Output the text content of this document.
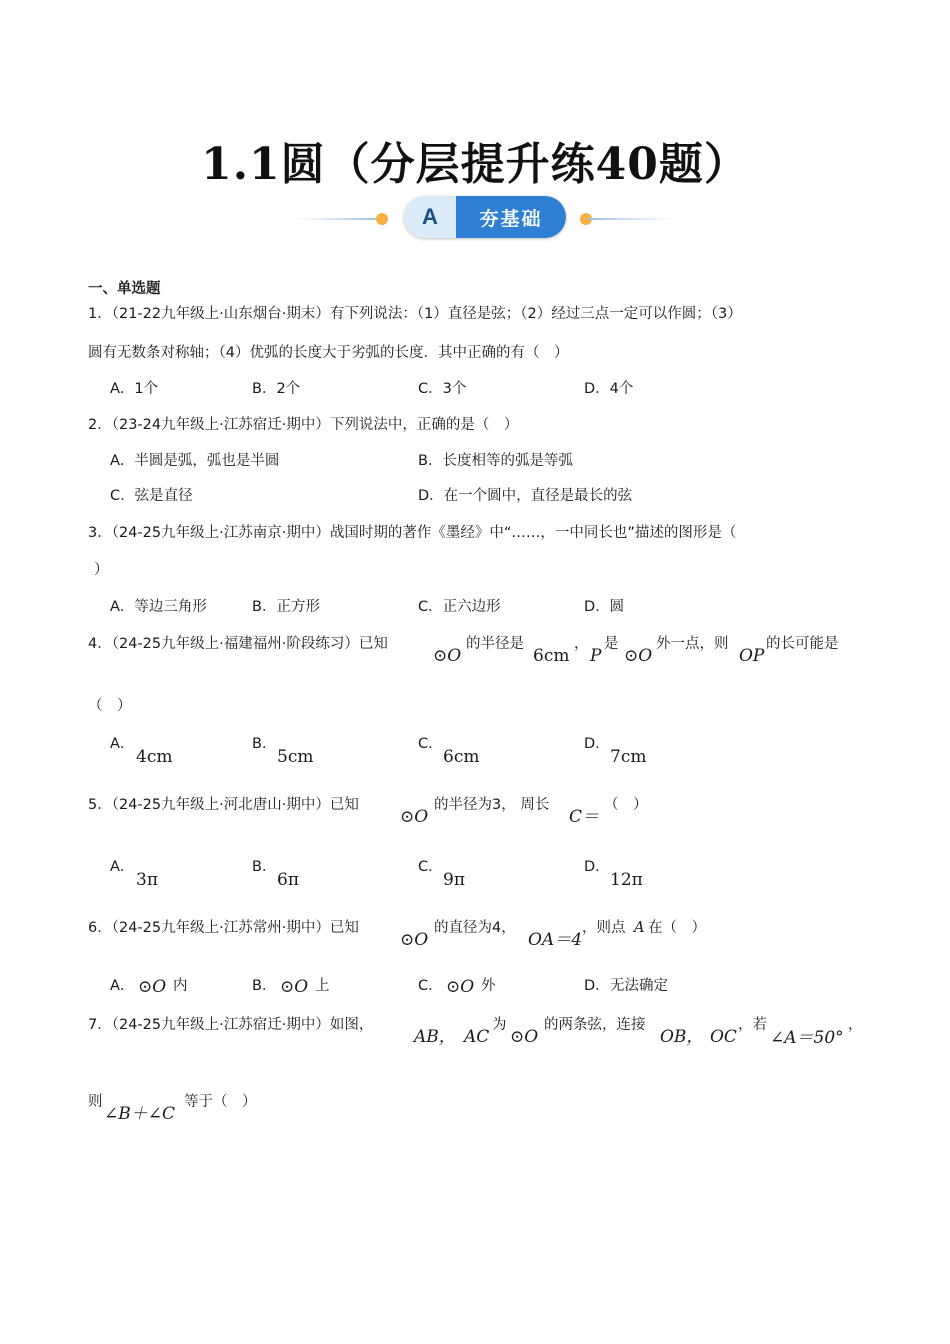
1.1圆（分层提升练40题）
A	夯基础
一、单选题
1．（21-22九年级上·山东烟台·期末）有下列说法：（1）直径是弦；（2）经过三点一定可以作圆；（3）
圆有无数条对称轴；（4）优弧的长度大于劣弧的长度．其中正确的有（　）
A．1个	B．2个	C．3个	D．4个
2．（23-24九年级上·江苏宿迁·期中）下列说法中，正确的是（　）
A．半圆是弧，弧也是半圆	B．长度相等的弧是等弧
C．弦是直径	D．在一个圆中，直径是最长的弦
3．（24-25九年级上·江苏南京·期中）战国时期的著作《墨经》中“……，一中同长也”描述的图形是（
）
A．等边三角形	B．正方形	C．正六边形	D．圆
4．（24-25九年级上·福建福州·阶段练习）已知
⊙O
的半径是
6cm
，
P
是
⊙O
外一点，则
OP
的长可能是
（　）
A．
4cm
B．
5cm
C．
6cm
D．
7cm
5．（24-25九年级上·河北唐山·期中）已知
⊙O
的半径为3， 周长
C＝
（　）
A．
3π
B．
6π
C．
9π
D．
12π
6．（24-25九年级上·江苏常州·期中）已知
⊙O
的直径为4，
OA＝4
，则点 A 在（　）
A． ⊙O 内	B． ⊙O 上	C． ⊙O 外	D． 无法确定
7．（24-25九年级上·江苏宿迁·期中）如图，
AB， AC
为
⊙O
的两条弦，连接
OB， OC
，若
∠A＝50°
，
则
∠B＋∠C
等于（　）
